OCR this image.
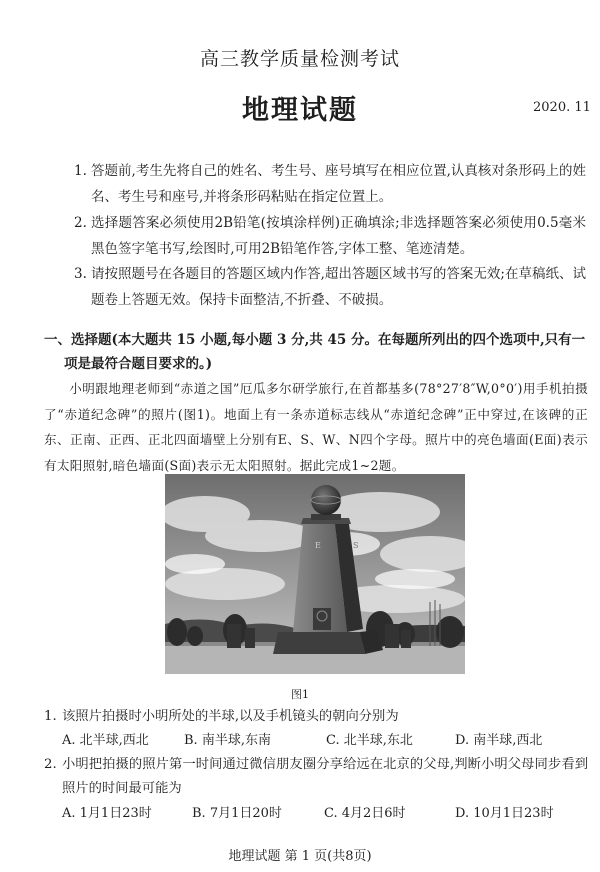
高三教学质量检测考试
地理试题	2020. 11
1. 答题前,考生先将自己的姓名、考生号、座号填写在相应位置,认真核对条形码上的姓名、考生号和座号,并将条形码粘贴在指定位置上。
2. 选择题答案必须使用2B铅笔(按填涂样例)正确填涂;非选择题答案必须使用0.5毫米黑色签字笔书写,绘图时,可用2B铅笔作答,字体工整、笔迹清楚。
3. 请按照题号在各题目的答题区域内作答,超出答题区域书写的答案无效;在草稿纸、试题卷上答题无效。保持卡面整洁,不折叠、不破损。
一、选择题(本大题共 15 小题,每小题 3 分,共 45 分。在每题所列出的四个选项中,只有一
项是最符合题目要求的。)
小明跟地理老师到“赤道之国”厄瓜多尔研学旅行,在首都基多(78°27′8″W,0°0′)用手机拍摄了“赤道纪念碑”的照片(图1)。地面上有一条赤道标志线从“赤道纪念碑”正中穿过,在该碑的正东、正南、正西、正北四面墙壁上分别有E、S、W、N四个字母。照片中的亮色墙面(E面)表示有太阳照射,暗色墙面(S面)表示无太阳照射。据此完成1~2题。
E	S
图1
1. 该照片拍摄时小明所处的半球,以及手机镜头的朝向分别为
A. 北半球,西北	B. 南半球,东南	C. 北半球,东北	D. 南半球,西北
2. 小明把拍摄的照片第一时间通过微信朋友圈分享给远在北京的父母,判断小明父母同步看到照片的时间最可能为
A. 1月1日23时	B. 7月1日20时	C. 4月2日6时	D. 10月1日23时
地理试题 第 1 页(共8页)
